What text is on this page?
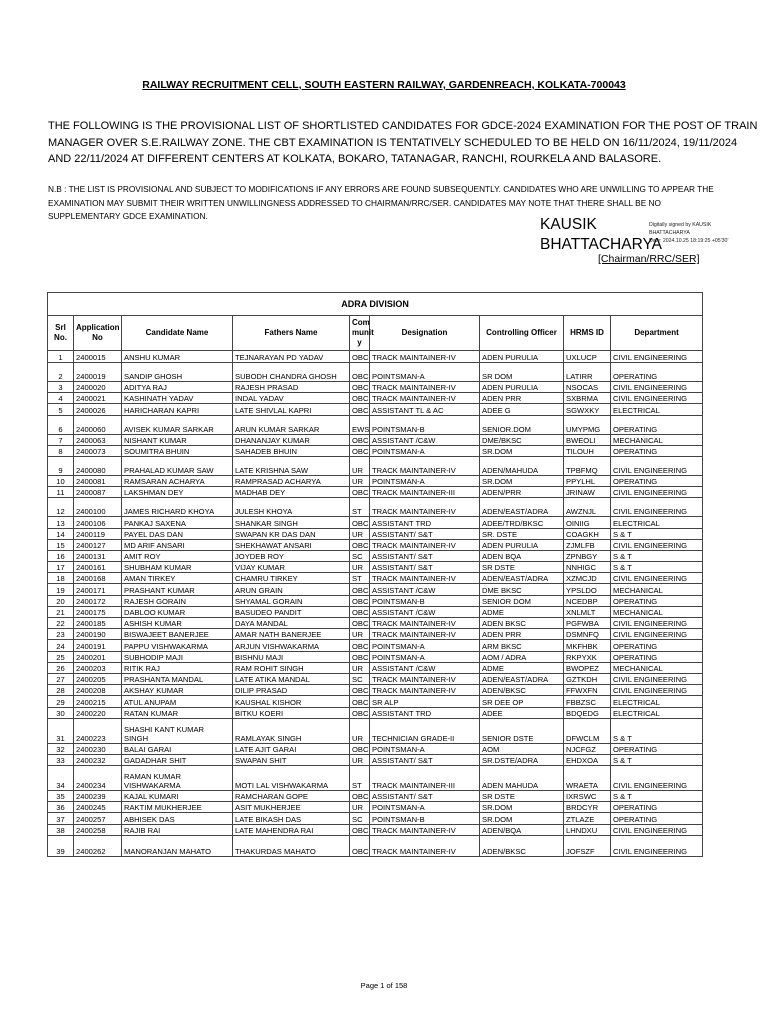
RAILWAY RECRUITMENT CELL, SOUTH EASTERN RAILWAY, GARDENREACH, KOLKATA-700043
THE FOLLOWING IS THE PROVISIONAL LIST OF SHORTLISTED CANDIDATES FOR GDCE-2024 EXAMINATION FOR THE POST OF TRAIN
MANAGER OVER S.E.RAILWAY ZONE. THE CBT EXAMINATION IS TENTATIVELY SCHEDULED TO BE HELD ON 16/11/2024, 19/11/2024
AND 22/11/2024 AT DIFFERENT CENTERS AT KOLKATA, BOKARO, TATANAGAR, RANCHI, ROURKELA AND BALASORE.
N.B : THE LIST IS PROVISIONAL AND SUBJECT TO MODIFICATIONS IF ANY ERRORS ARE FOUND SUBSEQUENTLY. CANDIDATES WHO ARE UNWILLING TO APPEAR THE
EXAMINATION MAY SUBMIT THEIR WRITTEN UNWILLINGNESS ADDRESSED TO CHAIRMAN/RRC/SER. CANDIDATES MAY NOTE THAT THERE SHALL BE NO
SUPPLEMENTARY GDCE EXAMINATION.	KAUSIK
BHATTACHARYA
Digitally signed by KAUSIK
BHATTACHARYA
Date: 2024.10.25 18:19:25 +05'30'
[Chairman/RRC/SER]
ADRA DIVISION								
Srl No.	Application No	Candidate Name	Fathers Name	Com munit y	Designation	Controlling Officer	HRMS ID	Department
1	2400015	ANSHU KUMAR	TEJNARAYAN PD YADAV	OBC	TRACK MAINTAINER-IV	ADEN PURULIA	UXLUCP	CIVIL ENGINEERING
2	2400019	SANDIP GHOSH	SUBODH CHANDRA GHOSH	OBC	POINTSMAN-A	SR DOM	LATIRR	OPERATING
3	2400020	ADITYA RAJ	RAJESH PRASAD	OBC	TRACK MAINTAINER-IV	ADEN PURULIA	NSOCAS	CIVIL ENGINEERING
4	2400021	KASHINATH YADAV	INDAL YADAV	OBC	TRACK MAINTAINER-IV	ADEN PRR	SXBRMA	CIVIL ENGINEERING
5	2400026	HARICHARAN KAPRI	LATE SHIVLAL KAPRI	OBC	ASSISTANT TL & AC	ADEE G	SGWXKY	ELECTRICAL
6	2400060	AVISEK KUMAR SARKAR	ARUN KUMAR SARKAR	EWS	POINTSMAN-B	SENIOR.DOM	UMYPMG	OPERATING
7	2400063	NISHANT KUMAR	DHANANJAY KUMAR	OBC	ASSISTANT /C&W	DME/BKSC	BWEOLI	MECHANICAL
8	2400073	SOUMITRA BHUIN	SAHADEB BHUIN	OBC	POINTSMAN-A	SR.DOM	TILOUH	OPERATING
9	2400080	PRAHALAD KUMAR SAW	LATE KRISHNA SAW	UR	TRACK MAINTAINER-IV	ADEN/MAHUDA	TPBFMQ	CIVIL ENGINEERING
10	2400081	RAMSARAN ACHARYA	RAMPRASAD ACHARYA	UR	POINTSMAN-A	SR.DOM	PPYLHL	OPERATING
11	2400087	LAKSHMAN DEY	MADHAB DEY	OBC	TRACK MAINTAINER-III	ADEN/PRR	JRINAW	CIVIL ENGINEERING
12	2400100	JAMES RICHARD KHOYA	JULESH KHOYA	ST	TRACK MAINTAINER-IV	ADEN/EAST/ADRA	AWZNJL	CIVIL ENGINEERING
13	2400106	PANKAJ SAXENA	SHANKAR SINGH	OBC	ASSISTANT TRD	ADEE/TRD/BKSC	OINIIG	ELECTRICAL
14	2400119	PAYEL DAS DAN	SWAPAN KR DAS DAN	UR	ASSISTANT/ S&T	SR. DSTE	COAGKH	S & T
15	2400127	MD ARIF ANSARI	SHEKHAWAT ANSARI	OBC	TRACK MAINTAINER-IV	ADEN PURULIA	ZJMLFB	CIVIL ENGINEERING
16	2400131	AMIT ROY	JOYDEB ROY	SC	ASSISTANT/ S&T	ADEN BQA	ZPNBGY	S & T
17	2400161	SHUBHAM KUMAR	VIJAY KUMAR	UR	ASSISTANT/ S&T	SR DSTE	NNHIGC	S & T
18	2400168	AMAN TIRKEY	CHAMRU TIRKEY	ST	TRACK MAINTAINER-IV	ADEN/EAST/ADRA	XZMCJD	CIVIL ENGINEERING
19	2400171	PRASHANT KUMAR	ARUN GRAIN	OBC	ASSISTANT /C&W	DME BKSC	YPSLDO	MECHANICAL
20	2400172	RAJESH GORAIN	SHYAMAL GORAIN	OBC	POINTSMAN-B	SENIOR DOM	NCEDBP	OPERATING
21	2400175	DABLOO KUMAR	BASUDEO PANDIT	OBC	ASSISTANT /C&W	ADME	XNLMLT	MECHANICAL
22	2400185	ASHISH KUMAR	DAYA MANDAL	OBC	TRACK MAINTAINER-IV	ADEN BKSC	PGFWBA	CIVIL ENGINEERING
23	2400190	BISWAJEET BANERJEE	AMAR NATH BANERJEE	UR	TRACK MAINTAINER-IV	ADEN PRR	DSMNFQ	CIVIL ENGINEERING
24	2400191	PAPPU VISHWAKARMA	ARJUN VISHWAKARMA	OBC	POINTSMAN-A	ARM BKSC	MKFHBK	OPERATING
25	2400201	SUBHODIP MAJI	BISHNU MAJI	OBC	POINTSMAN-A	AOM / ADRA	RKPYXK	OPERATING
26	2400203	RITIK RAJ	RAM ROHIT SINGH	UR	ASSISTANT /C&W	ADME	BWOPEZ	MECHANICAL
27	2400205	PRASHANTA MANDAL	LATE ATIKA MANDAL	SC	TRACK MAINTAINER-IV	ADEN/EAST/ADRA	GZTKDH	CIVIL ENGINEERING
28	2400208	AKSHAY KUMAR	DILIP PRASAD	OBC	TRACK MAINTAINER-IV	ADEN/BKSC	FFWXFN	CIVIL ENGINEERING
29	2400215	ATUL ANUPAM	KAUSHAL KISHOR	OBC	SR ALP	SR DEE OP	FBBZSC	ELECTRICAL
30	2400220	RATAN KUMAR	BITKU KOERI	OBC	ASSISTANT TRD	ADEE	BDQEDG	ELECTRICAL
31	2400223	SHASHI KANT KUMAR SINGH	RAMLAYAK SINGH	UR	TECHNICIAN GRADE-II	SENIOR DSTE	DFWCLM	S & T
32	2400230	BALAI GARAI	LATE AJIT GARAI	OBC	POINTSMAN-A	AOM	NJCFGZ	OPERATING
33	2400232	GADADHAR SHIT	SWAPAN SHIT	UR	ASSISTANT/ S&T	SR.DSTE/ADRA	EHDXOA	S & T
34	2400234	RAMAN KUMAR VISHWAKARMA	MOTI LAL VISHWAKARMA	ST	TRACK MAINTAINER-III	ADEN MAHUDA	WRAETA	CIVIL ENGINEERING
35	2400239	KAJAL KUMARI	RAMCHARAN GOPE	OBC	ASSISTANT/ S&T	SR DSTE	IXRSWC	S & T
36	2400245	RAKTIM MUKHERJEE	ASIT MUKHERJEE	UR	POINTSMAN-A	SR.DOM	BRDCYR	OPERATING
37	2400257	ABHISEK DAS	LATE BIKASH DAS	SC	POINTSMAN-B	SR.DOM	ZTLAZE	OPERATING
38	2400258	RAJIB RAI	LATE MAHENDRA RAI	OBC	TRACK MAINTAINER-IV	ADEN/BQA	LHNDXU	CIVIL ENGINEERING
39	2400262	MANORANJAN MAHATO	THAKURDAS MAHATO	OBC	TRACK MAINTAINER-IV	ADEN/BKSC	JOFSZF	CIVIL ENGINEERING
Page 1 of 158
